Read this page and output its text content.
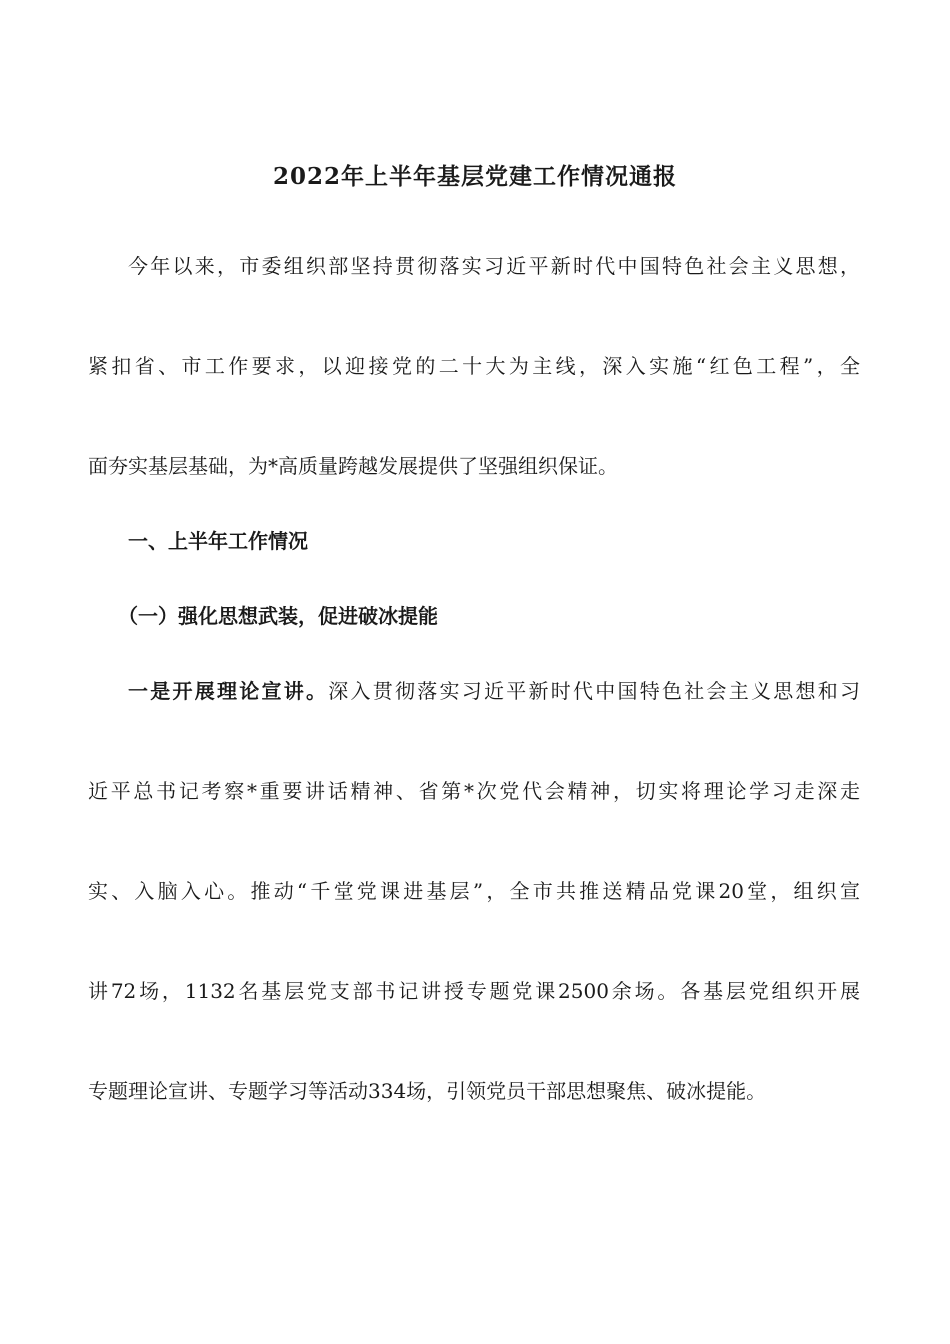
2022年上半年基层党建工作情况通报
今年以来，市委组织部坚持贯彻落实习近平新时代中国特色社会主义思想，
紧扣省、市工作要求，以迎接党的二十大为主线，深入实施“红色工程”，全
面夯实基层基础，为*高质量跨越发展提供了坚强组织保证。
一、上半年工作情况
（一）强化思想武装，促进破冰提能
一是开展理论宣讲。深入贯彻落实习近平新时代中国特色社会主义思想和习
近平总书记考察*重要讲话精神、省第*次党代会精神，切实将理论学习走深走
实、入脑入心。推动“千堂党课进基层”，全市共推送精品党课20堂，组织宣
讲72场，1132名基层党支部书记讲授专题党课2500余场。各基层党组织开展
专题理论宣讲、专题学习等活动334场，引领党员干部思想聚焦、破冰提能。
